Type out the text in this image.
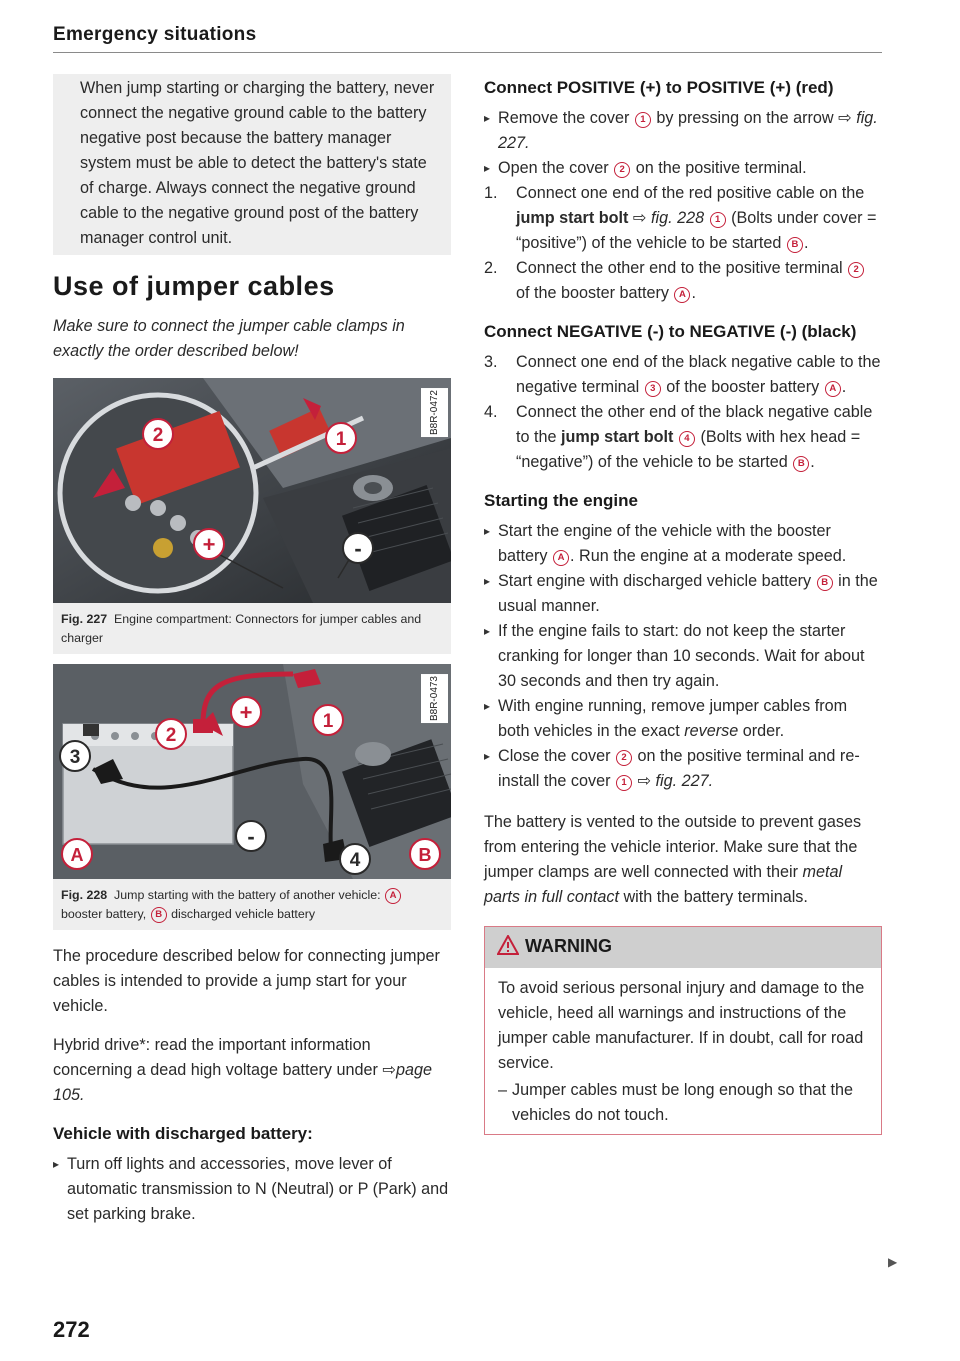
Emergency situations

When jump starting or charging the battery, never connect the negative ground cable to the battery negative post because the battery manager system must be able to detect the battery's state of charge. Always connect the negative ground cable to the negative ground post of the battery manager control unit.

Use of jumper cables

Make sure to connect the jumper cable clamps in exactly the order described below!

2	1
+	-
B8R-0472
Fig. 227 Engine compartment: Connectors for jumper cables and charger
+	1
2
3
A
-
4	B
B8R-0473
Fig. 228 Jump starting with the battery of another vehicle: A booster battery, B discharged vehicle battery

The procedure described below for connecting jumper cables is intended to provide a jump start for your vehicle.

Hybrid drive*: read the important information concerning a dead high voltage battery under ⇨page 105.

Vehicle with discharged battery:
▸ Turn off lights and accessories, move lever of automatic transmission to N (Neutral) or P (Park) and set parking brake.
Connect POSITIVE (+) to POSITIVE (+) (red)
▸ Remove the cover 1 by pressing on the arrow ⇨ fig. 227.
▸ Open the cover 2 on the positive terminal.
1. Connect one end of the red positive cable on the jump start bolt ⇨ fig. 228 1 (Bolts under cover = “positive”) of the vehicle to be started B .
2. Connect the other end to the positive terminal 2 of the booster battery A .
Connect NEGATIVE (-) to NEGATIVE (-) (black)
3. Connect one end of the black negative cable to the negative terminal 3 of the booster battery A .
4. Connect the other end of the black negative cable to the jump start bolt 4 (Bolts with hex head = “negative”) of the vehicle to be started B .
Starting the engine
▸ Start the engine of the vehicle with the booster battery A . Run the engine at a moderate speed.
▸ Start engine with discharged vehicle battery B in the usual manner.
▸ If the engine fails to start: do not keep the starter cranking for longer than 10 seconds. Wait for about 30 seconds and then try again.
▸ With engine running, remove jumper cables from both vehicles in the exact reverse order.
▸ Close the cover 2 on the positive terminal and re-install the cover 1 ⇨ fig. 227.

The battery is vented to the outside to prevent gases from entering the vehicle interior. Make sure that the jumper clamps are well connected with their metal parts in full contact with the battery terminals.

WARNING

To avoid serious personal injury and damage to the vehicle, heed all warnings and instructions of the jumper cable manufacturer. If in doubt, call for road service.

– Jumper cables must be long enough so that the vehicles do not touch.

▶
272
